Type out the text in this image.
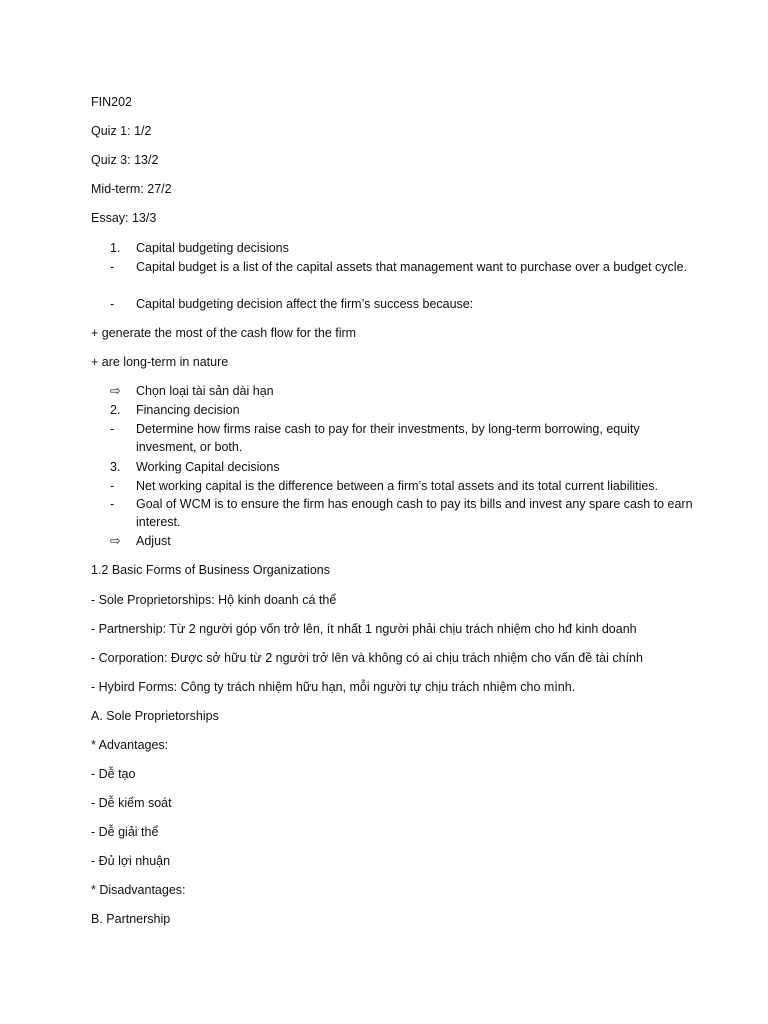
FIN202
Quiz 1: 1/2
Quiz 3: 13/2
Mid-term: 27/2
Essay: 13/3
1. Capital budgeting decisions
- Capital budget is a list of the capital assets that management want to purchase over a budget cycle.
- Capital budgeting decision affect the firm’s success because:
+ generate the most of the cash flow for the firm
+ are long-term in nature
⇨ Chọn loại tài sản dài hạn
2. Financing decision
- Determine how firms raise cash to pay for their investments, by long-term borrowing, equity invesment, or both.
3. Working Capital decisions
- Net working capital is the difference between a firm’s total assets and its total current liabilities.
- Goal of WCM is to ensure the firm has enough cash to pay its bills and invest any spare cash to earn interest.
⇨ Adjust
1.2 Basic Forms of Business Organizations
- Sole Proprietorships: Hộ kinh doanh cá thể
- Partnership: Từ 2 người góp vốn trở lên, ít nhất 1 người phải chịu trách nhiệm cho hđ kinh doanh
- Corporation: Được sở hữu từ 2 người trở lên và không có ai chịu trách nhiệm cho vấn đề tài chính
- Hybird Forms: Công ty trách nhiệm hữu hạn, mỗi người tự chịu trách nhiệm cho mình.
A. Sole Proprietorships
* Advantages:
- Dễ tạo
- Dễ kiểm soát
- Dễ giải thể
- Đủ lợi nhuận
* Disadvantages:
B. Partnership
